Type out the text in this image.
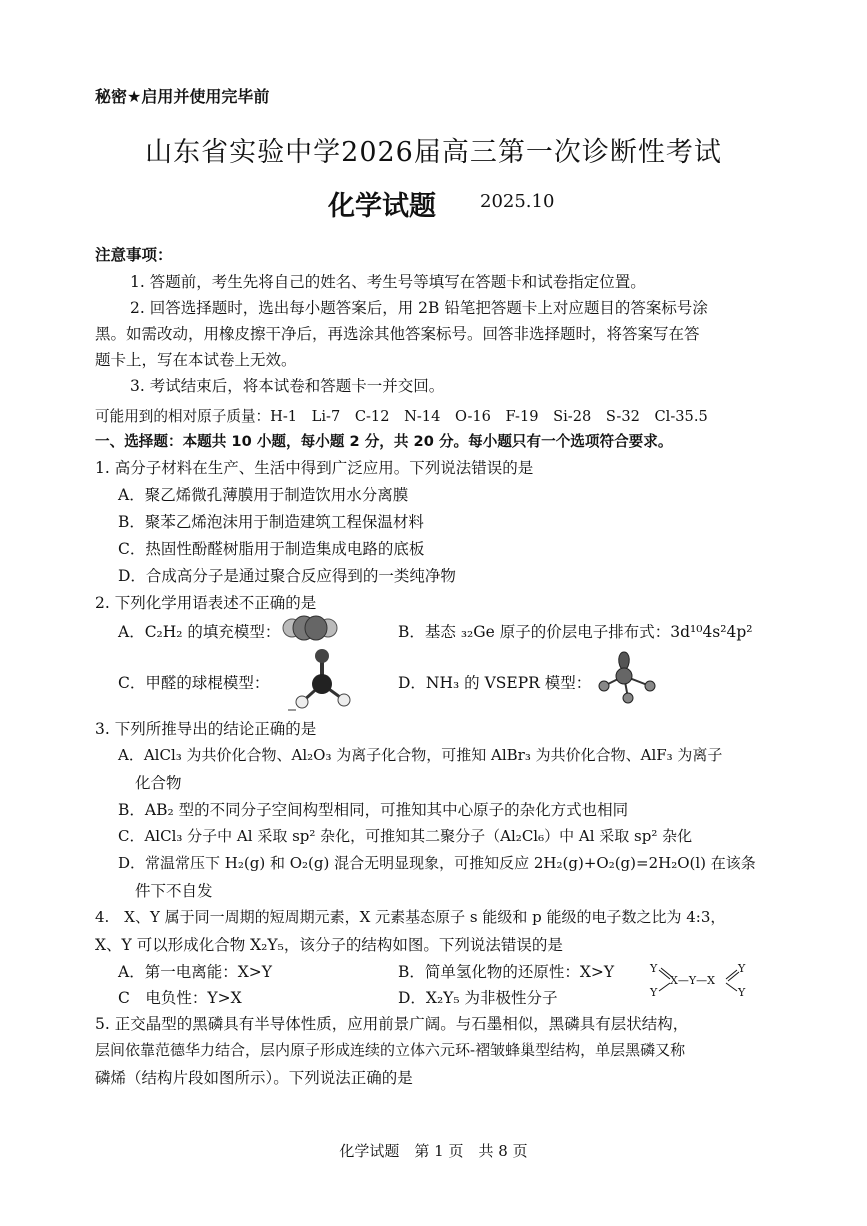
秘密★启用并使用完毕前
山东省实验中学2026届高三第一次诊断性考试
化学试题 2025.10
注意事项：
1. 答题前，考生先将自己的姓名、考生号等填写在答题卡和试卷指定位置。
2. 回答选择题时，选出每小题答案后，用 2B 铅笔把答题卡上对应题目的答案标号涂
黑。如需改动，用橡皮擦干净后，再选涂其他答案标号。回答非选择题时，将答案写在答
题卡上，写在本试卷上无效。
3. 考试结束后，将本试卷和答题卡一并交回。
可能用到的相对原子质量：H-1　Li-7　C-12　N-14　O-16　F-19　Si-28　S-32　Cl-35.5
一、选择题：本题共 10 小题，每小题 2 分，共 20 分。每小题只有一个选项符合要求。
1. 高分子材料在生产、生活中得到广泛应用。下列说法错误的是
A．聚乙烯微孔薄膜用于制造饮用水分离膜
B．聚苯乙烯泡沫用于制造建筑工程保温材料
C．热固性酚醛树脂用于制造集成电路的底板
D．合成高分子是通过聚合反应得到的一类纯净物
2. 下列化学用语表述不正确的是
A．C₂H₂ 的填充模型：	B．基态 ₃₂Ge 原子的价层电子排布式：3d¹⁰4s²4p²
C．甲醛的球棍模型：	D．NH₃ 的 VSEPR 模型：
3. 下列所推导出的结论正确的是
A．AlCl₃ 为共价化合物、Al₂O₃ 为离子化合物，可推知 AlBr₃ 为共价化合物、AlF₃ 为离子
化合物
B．AB₂ 型的不同分子空间构型相同，可推知其中心原子的杂化方式也相同
C．AlCl₃ 分子中 Al 采取 sp² 杂化，可推知其二聚分子（Al₂Cl₆）中 Al 采取 sp² 杂化
D．常温常压下 H₂(g) 和 O₂(g) 混合无明显现象，可推知反应 2H₂(g)+O₂(g)=2H₂O(l) 在该条
件下不自发
4.　X、Y 属于同一周期的短周期元素，X 元素基态原子 s 能级和 p 能级的电子数之比为 4:3，
X、Y 可以形成化合物 X₂Y₅，该分子的结构如图。下列说法错误的是
A．第一电离能：X>Y	B．简单氢化物的还原性：X>Y
C　电负性：Y>X	D．X₂Y₅ 为非极性分子
Y
Y
X—Y—X
Y
Y
5. 正交晶型的黑磷具有半导体性质，应用前景广阔。与石墨相似，黑磷具有层状结构，
层间依靠范德华力结合，层内原子形成连续的立体六元环-褶皱蜂巢型结构，单层黑磷又称
磷烯（结构片段如图所示）。下列说法正确的是
化学试题　第 1 页　共 8 页
